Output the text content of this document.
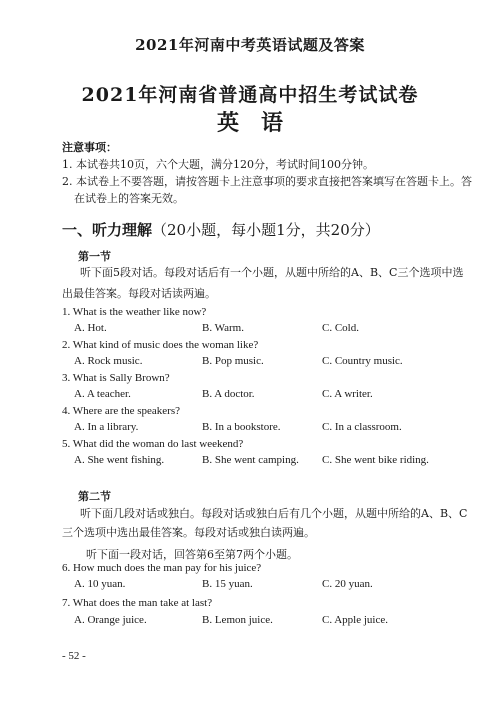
2021年河南中考英语试题及答案
2021年河南省普通高中招生考试试卷
英语
注意事项：
1. 本试卷共10页，六个大题，满分120分，考试时间100分钟。
2. 本试卷上不要答题，请按答题卡上注意事项的要求直接把答案填写在答题卡上。答
在试卷上的答案无效。
一、听力理解（20小题，每小题1分，共20分）
第一节
听下面5段对话。每段对话后有一个小题，从题中所给的A、B、C三个选项中选
出最佳答案。每段对话读两遍。
1. What is the weather like now?
A. Hot.	B. Warm.	C. Cold.
2. What kind of music does the woman like?
A. Rock music.	B. Pop music.	C. Country music.
3. What is Sally Brown?
A. A teacher.	B. A doctor.	C. A writer.
4. Where are the speakers?
A. In a library.	B. In a bookstore.	C. In a classroom.
5. What did the woman do last weekend?
A. She went fishing.	B. She went camping. C. She went bike riding.
第二节
听下面几段对话或独白。每段对话或独白后有几个小题，从题中所给的A、B、C
三个选项中选出最佳答案。每段对话或独白读两遍。
听下面一段对话，回答第6至第7两个小题。
6. How much does the man pay for his juice?
A. 10 yuan.	B. 15 yuan.	C. 20 yuan.
7. What does the man take at last?
A. Orange juice.	B. Lemon juice.	C. Apple juice.
- 52 -
